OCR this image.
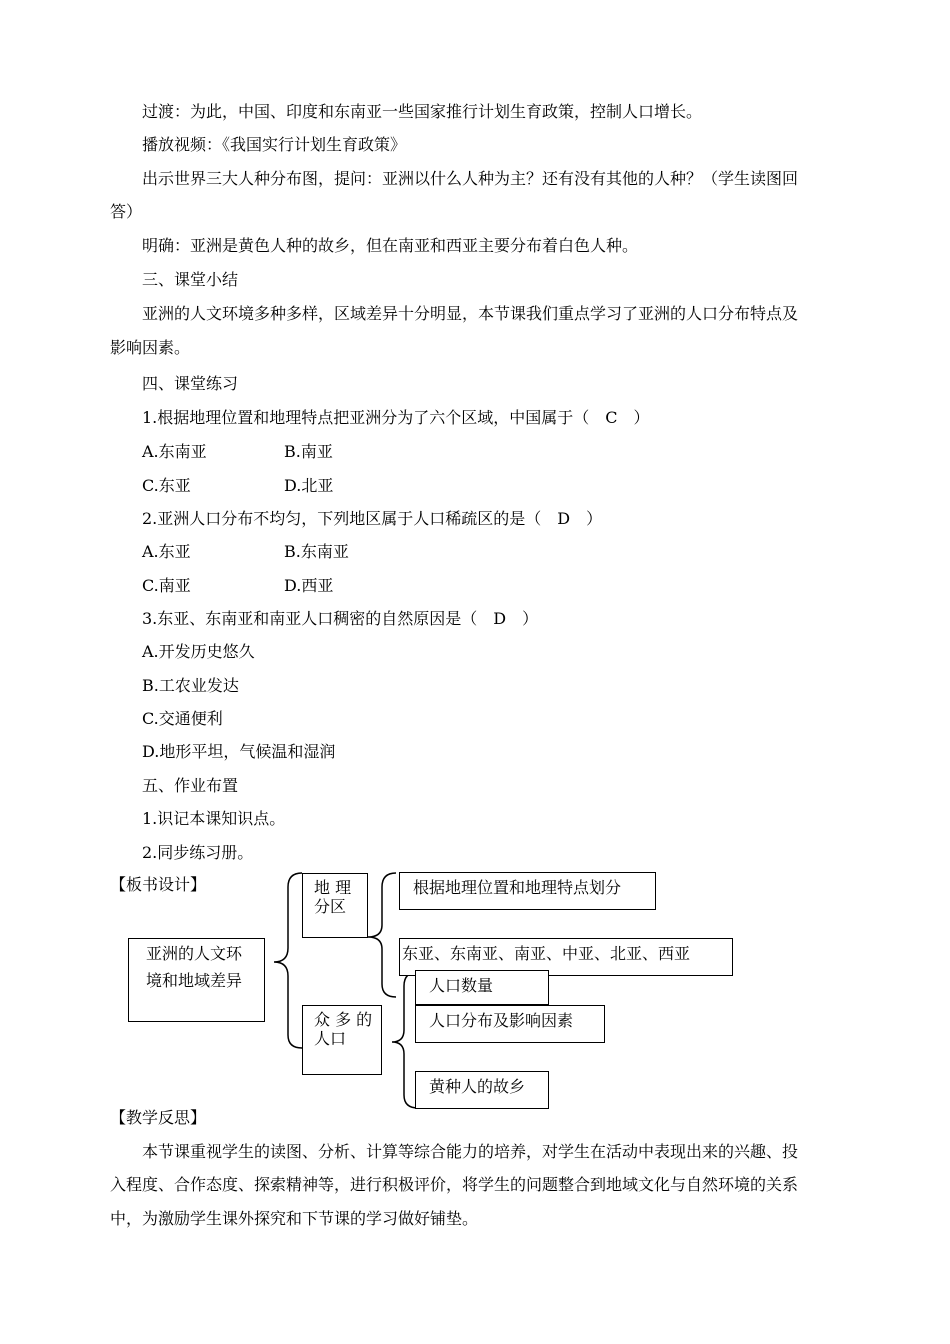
过渡：为此，中国、印度和东南亚一些国家推行计划生育政策，控制人口增长。
播放视频：《我国实行计划生育政策》
出示世界三大人种分布图，提问：亚洲以什么人种为主？还有没有其他的人种？（学生读图回
答）
明确：亚洲是黄色人种的故乡，但在南亚和西亚主要分布着白色人种。
三、课堂小结
亚洲的人文环境多种多样，区域差异十分明显，本节课我们重点学习了亚洲的人口分布特点及
影响因素。
四、课堂练习
1.根据地理位置和地理特点把亚洲分为了六个区域，中国属于（　C　）
A.东南亚	B.南亚
C.东亚	D.北亚
2.亚洲人口分布不均匀，下列地区属于人口稀疏区的是（　D　）
A.东亚	B.东南亚
C.南亚	D.西亚
3.东亚、东南亚和南亚人口稠密的自然原因是（　D　）
A.开发历史悠久
B.工农业发达
C.交通便利
D.地形平坦，气候温和湿润
五、作业布置
1.识记本课知识点。
2.同步练习册。
【板书设计】
亚洲的人文环
境和地域差异
地 理
分区
根据地理位置和地理特点划分
东亚、东南亚、南亚、中亚、北亚、西亚
众 多 的
人口
人口数量
人口分布及影响因素
黄种人的故乡
【教学反思】
本节课重视学生的读图、分析、计算等综合能力的培养，对学生在活动中表现出来的兴趣、投
入程度、合作态度、探索精神等，进行积极评价，将学生的问题整合到地域文化与自然环境的关系
中，为激励学生课外探究和下节课的学习做好铺垫。
